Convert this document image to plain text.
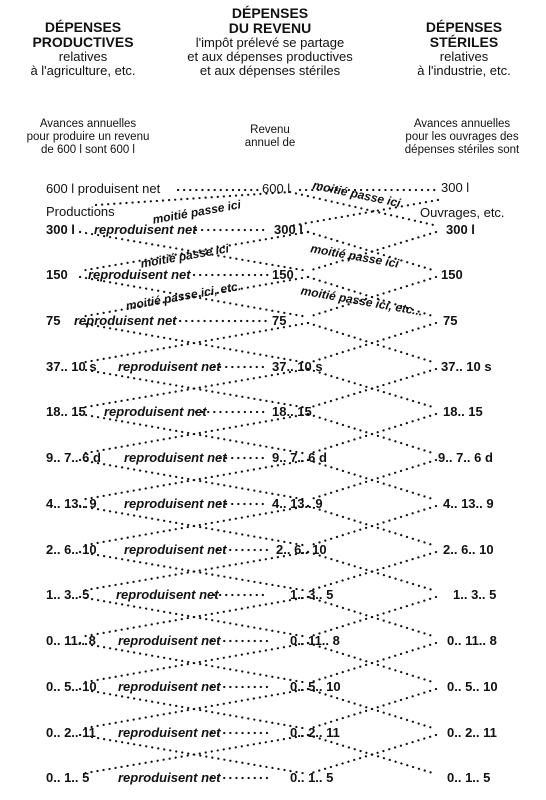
DÉPENSES
PRODUCTIVES
relatives
à l'agriculture, etc.
DÉPENSES
DU REVENU
l'impôt prélevé se partage
et aux dépenses productives
et aux dépenses stériles
DÉPENSES
STÉRILES
relatives
à l'industrie, etc.
Avances annuelles
pour produire un revenu
de 600 l sont 600 l
Revenu
annuel de
Avances annuelles
pour les ouvrages des
dépenses stériles sont
600 l produisent net	600 l	300 l
Productions	Ouvrages, etc.
moitié passe ici
moitié passe ici
moitié passe ici	moitié passe ici
moitié passe ici, etc.	moitié passe ici, etc...
300 l reproduisent net	300 l	300 l
150 reproduisent net	150	150
75 reproduisent net	75	75
37.. 10 s reproduisent net	37.. 10 s	37.. 10 s
18.. 15 reproduisent net	18.. 15	18.. 15
9.. 7.. 6 d reproduisent net	9.. 7.. 6 d	9.. 7.. 6 d
4.. 13.. 9 reproduisent net	4.. 13.. 9	4.. 13.. 9
2.. 6.. 10 reproduisent net	2.. 6.. 10	2.. 6.. 10
1.. 3.. 5 reproduisent net	1.. 3.. 5	1.. 3.. 5
0.. 11.. 8 reproduisent net	0.. 11.. 8	0.. 11.. 8
0.. 5.. 10 reproduisent net	0.. 5.. 10	0.. 5.. 10
0.. 2.. 11 reproduisent net	0.. 2.. 11	0.. 2.. 11
0.. 1.. 5 reproduisent net	0.. 1.. 5	0.. 1.. 5
